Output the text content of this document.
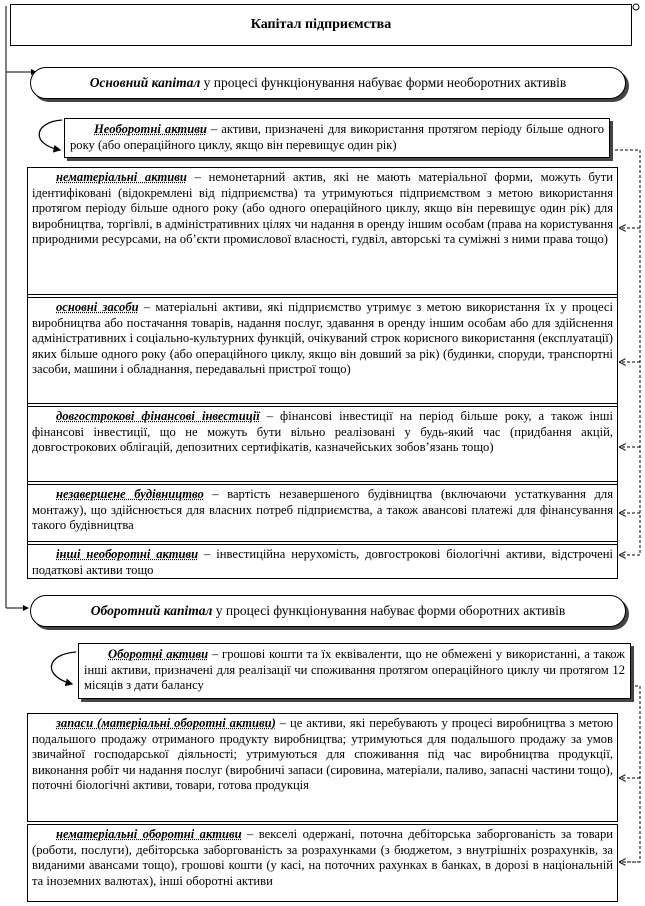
Капітал підприємства
Основний капітал у процесі функціонування набуває форми необоротних активів
Необоротні активи – активи, призначені для використання протягом періоду більше одного року (або операційного циклу, якщо він перевищує один рік)
нематеріальні активи – немонетарний актив, які не мають матеріальної форми, можуть бути ідентифіковані (відокремлені від підприємства) та утримуються підприємством з метою використання протягом періоду більше одного року (або одного операційного циклу, якщо він перевищує один рік) для виробництва, торгівлі, в адміністративних цілях чи надання в оренду іншим особам (права на користування природними ресурсами, на об’єкти промислової власності, гудвіл, авторські та суміжні з ними права тощо)
основні засоби – матеріальні активи, які підприємство утримує з метою використання їх у процесі виробництва або постачання товарів, надання послуг, здавання в оренду іншим особам або для здійснення адміністративних і соціально-культурних функцій, очікуваний строк корисного використання (експлуатації) яких більше одного року (або операційного циклу, якщо він довший за рік) (будинки, споруди, транспортні засоби, машини і обладнання, передавальні пристрої тощо)
довгострокові фінансові інвестиції – фінансові інвестиції на період більше року, а також інші фінансові інвестиції, що не можуть бути вільно реалізовані у будь-який час (придбання акцій, довгострокових облігацій, депозитних сертифікатів, казначейських зобов’язань тощо)
незавершене будівництво – вартість незавершеного будівництва (включаючи устаткування для монтажу), що здійснюється для власних потреб підприємства, а також авансові платежі для фінансування такого будівництва
інші необоротні активи – інвестиційна нерухомість, довгострокові біологічні активи, відстрочені податкові активи тощо
Оборотний капітал у процесі функціонування набуває форми оборотних активів
Оборотні активи – грошові кошти та їх еквіваленти, що не обмежені у використанні, а також інші активи, призначені для реалізації чи споживання протягом операційного циклу чи протягом 12 місяців з дати балансу
запаси (матеріальні оборотні активи) – це активи, які перебувають у процесі виробництва з метою подальшого продажу отриманого продукту виробництва; утримуються для подальшого продажу за умов звичайної господарської діяльності; утримуються для споживання під час виробництва продукції, виконання робіт чи надання послуг (виробничі запаси (сировина, матеріали, паливо, запасні частини тощо), поточні біологічні активи, товари, готова продукція
нематеріальні оборотні активи – векселі одержані, поточна дебіторська заборгованість за товари (роботи, послуги), дебіторська заборгованість за розрахунками (з бюджетом, з внутрішніх розрахунків, за виданими авансами тощо), грошові кошти (у касі, на поточних рахунках в банках, в дорозі в національній та іноземних валютах), інші оборотні активи
